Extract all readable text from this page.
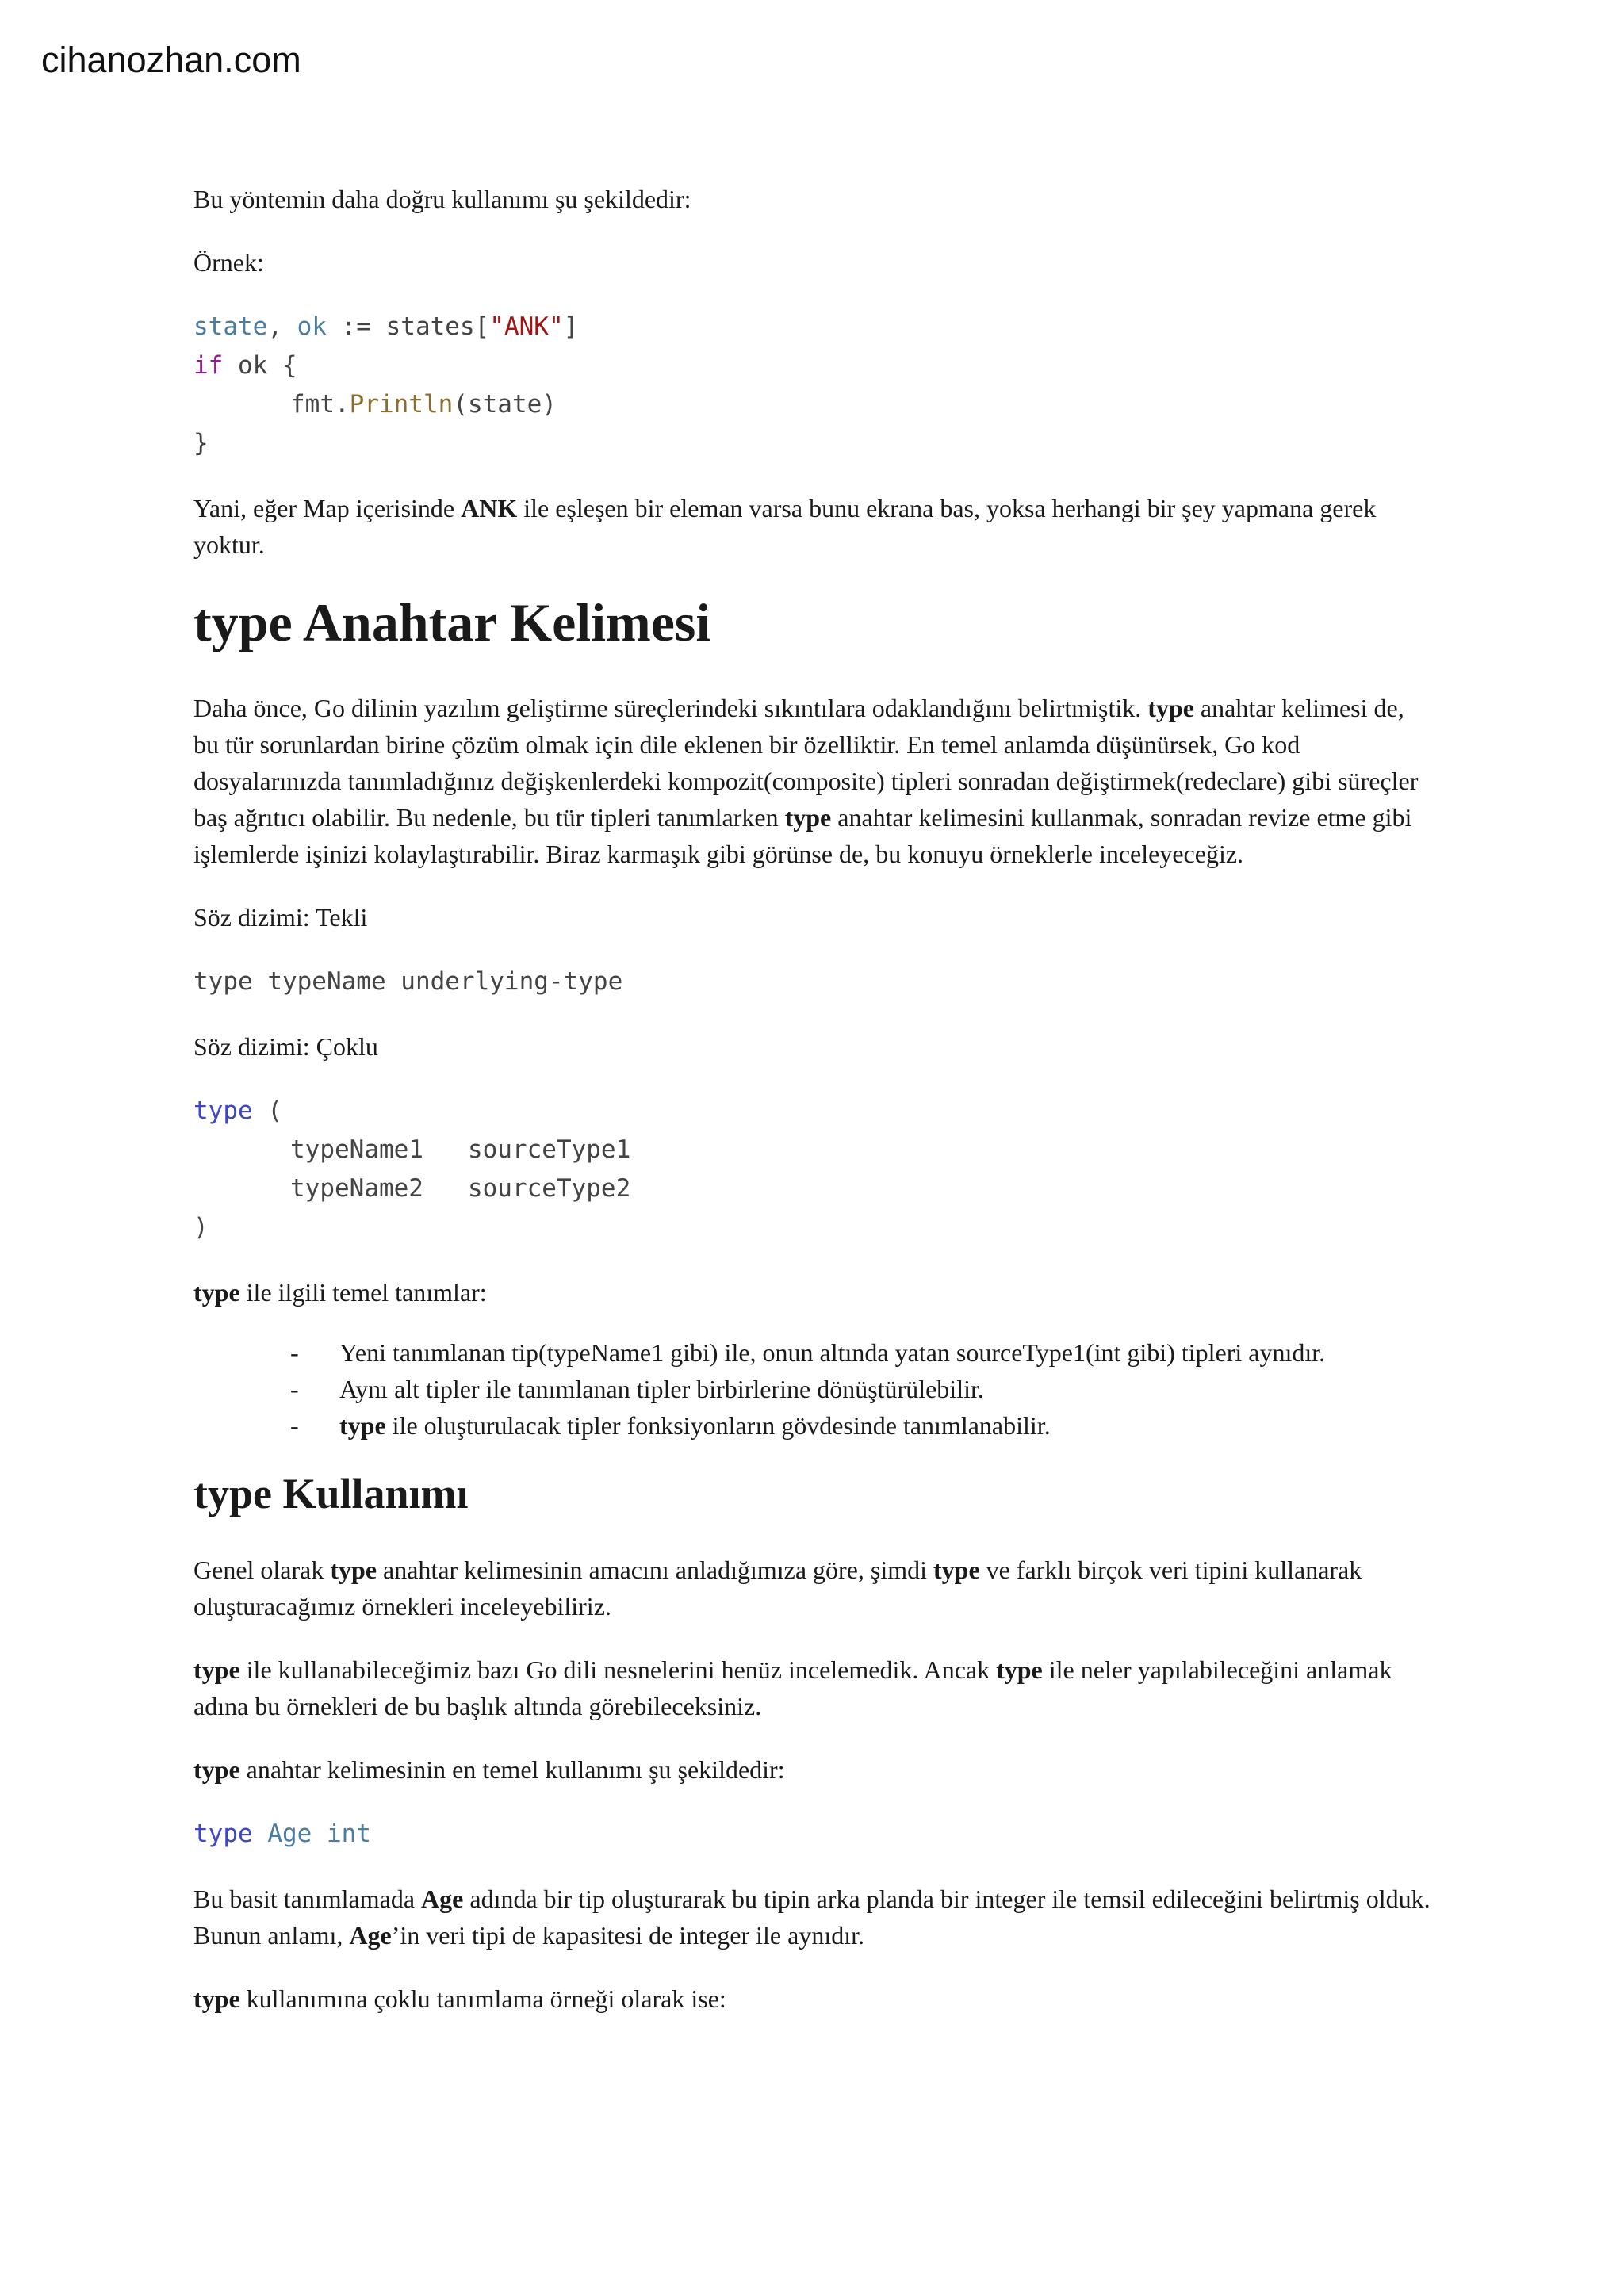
cihanozhan.com

Bu yöntemin daha doğru kullanımı şu şekildedir:

Örnek:

state, ok := states["ANK"]
if ok {
fmt.Println(state)
}

Yani, eğer Map içerisinde ANK ile eşleşen bir eleman varsa bunu ekrana bas, yoksa herhangi bir şey yapmana gerek yoktur.

type Anahtar Kelimesi

Daha önce, Go dilinin yazılım geliştirme süreçlerindeki sıkıntılara odaklandığını belirtmiştik. type anahtar kelimesi de, bu tür sorunlardan birine çözüm olmak için dile eklenen bir özelliktir. En temel anlamda düşünürsek, Go kod dosyalarınızda tanımladığınız değişkenlerdeki kompozit(composite) tipleri sonradan değiştirmek(redeclare) gibi süreçler baş ağrıtıcı olabilir. Bu nedenle, bu tür tipleri tanımlarken type anahtar kelimesini kullanmak, sonradan revize etme gibi işlemlerde işinizi kolaylaştırabilir. Biraz karmaşık gibi görünse de, bu konuyu örneklerle inceleyeceğiz.

Söz dizimi: Tekli

type typeName underlying-type

Söz dizimi: Çoklu

type (
typeName1   sourceType1
typeName2   sourceType2
)

type ile ilgili temel tanımlar:

- Yeni tanımlanan tip(typeName1 gibi) ile, onun altında yatan sourceType1(int gibi) tipleri aynıdır.
- Aynı alt tipler ile tanımlanan tipler birbirlerine dönüştürülebilir.
- type ile oluşturulacak tipler fonksiyonların gövdesinde tanımlanabilir.
type Kullanımı

Genel olarak type anahtar kelimesinin amacını anladığımıza göre, şimdi type ve farklı birçok veri tipini kullanarak oluşturacağımız örnekleri inceleyebiliriz.

type ile kullanabileceğimiz bazı Go dili nesnelerini henüz incelemedik. Ancak type ile neler yapılabileceğini anlamak adına bu örnekleri de bu başlık altında görebileceksiniz.

type anahtar kelimesinin en temel kullanımı şu şekildedir:

type Age int

Bu basit tanımlamada Age adında bir tip oluşturarak bu tipin arka planda bir integer ile temsil edileceğini belirtmiş olduk. Bunun anlamı, Age’in veri tipi de kapasitesi de integer ile aynıdır.

type kullanımına çoklu tanımlama örneği olarak ise:
